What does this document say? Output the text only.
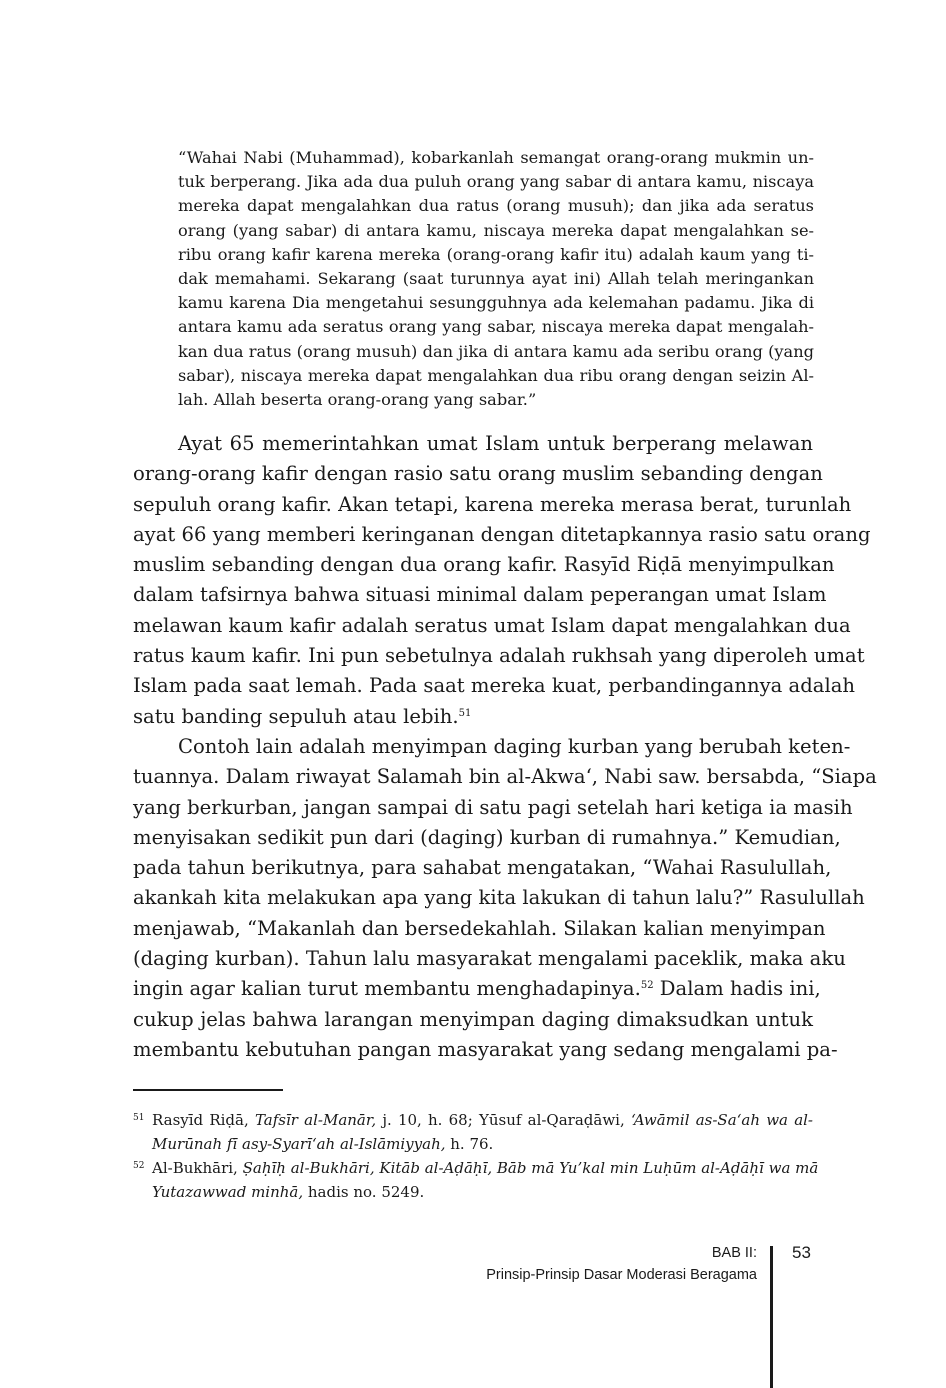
“Wahai Nabi (Muhammad), kobarkanlah semangat orang-orang mukmin un-
tuk berperang. Jika ada dua puluh orang yang sabar di antara kamu, niscaya
mereka dapat mengalahkan dua ratus (orang musuh); dan jika ada seratus
orang (yang sabar) di antara kamu, niscaya mereka dapat mengalahkan se-
ribu orang kafir karena mereka (orang-orang kafir itu) adalah kaum yang ti-
dak memahami. Sekarang (saat turunnya ayat ini) Allah telah meringankan
kamu karena Dia mengetahui sesungguhnya ada kelemahan padamu. Jika di
antara kamu ada seratus orang yang sabar, niscaya mereka dapat mengalah-
kan dua ratus (orang musuh) dan jika di antara kamu ada seribu orang (yang
sabar), niscaya mereka dapat mengalahkan dua ribu orang dengan seizin Al-
lah. Allah beserta orang-orang yang sabar.”
Ayat 65 memerintahkan umat Islam untuk berperang melawan
orang-orang kafir dengan rasio satu orang muslim sebanding dengan
sepuluh orang kafir. Akan tetapi, karena mereka merasa berat, turunlah
ayat 66 yang memberi keringanan dengan ditetapkannya rasio satu orang
muslim sebanding dengan dua orang kafir. Rasyīd Riḍā menyimpulkan
dalam tafsirnya bahwa situasi minimal dalam peperangan umat Islam
melawan kaum kafir adalah seratus umat Islam dapat mengalahkan dua
ratus kaum kafir. Ini pun sebetulnya adalah rukhsah yang diperoleh umat
Islam pada saat lemah. Pada saat mereka kuat, perbandingannya adalah
satu banding sepuluh atau lebih.$^{51}$
Contoh lain adalah menyimpan daging kurban yang berubah keten-
tuannya. Dalam riwayat Salamah bin al-Akwa‘, Nabi saw. bersabda, “Siapa
yang berkurban, jangan sampai di satu pagi setelah hari ketiga ia masih
menyisakan sedikit pun dari (daging) kurban di rumahnya.” Kemudian,
pada tahun berikutnya, para sahabat mengatakan, “Wahai Rasulullah,
akankah kita melakukan apa yang kita lakukan di tahun lalu?” Rasulullah
menjawab, “Makanlah dan bersedekahlah. Silakan kalian menyimpan
(daging kurban). Tahun lalu masyarakat mengalami paceklik, maka aku
ingin agar kalian turut membantu menghadapinya.$^{52}$ Dalam hadis ini,
cukup jelas bahwa larangan menyimpan daging dimaksudkan untuk
membantu kebutuhan pangan masyarakat yang sedang mengalami pa-
51 Rasyīd Riḍā, Tafsīr al-Manār, j. 10, h. 68; Yūsuf al-Qaraḍāwi, ‘Awāmil as-Sa‘ah wa al-
Murūnah fī asy-Syarī‘ah al-Islāmiyyah, h. 76.
52 Al-Bukhāri, Ṣaḥīḥ al-Bukhāri, Kitāb al-Aḍāḥī, Bāb mā Yu’kal min Luḥūm al-Aḍāḥī wa mā
Yutazawwad minhā, hadis no. 5249.
BAB II:
Prinsip-Prinsip Dasar Moderasi Beragama
53
